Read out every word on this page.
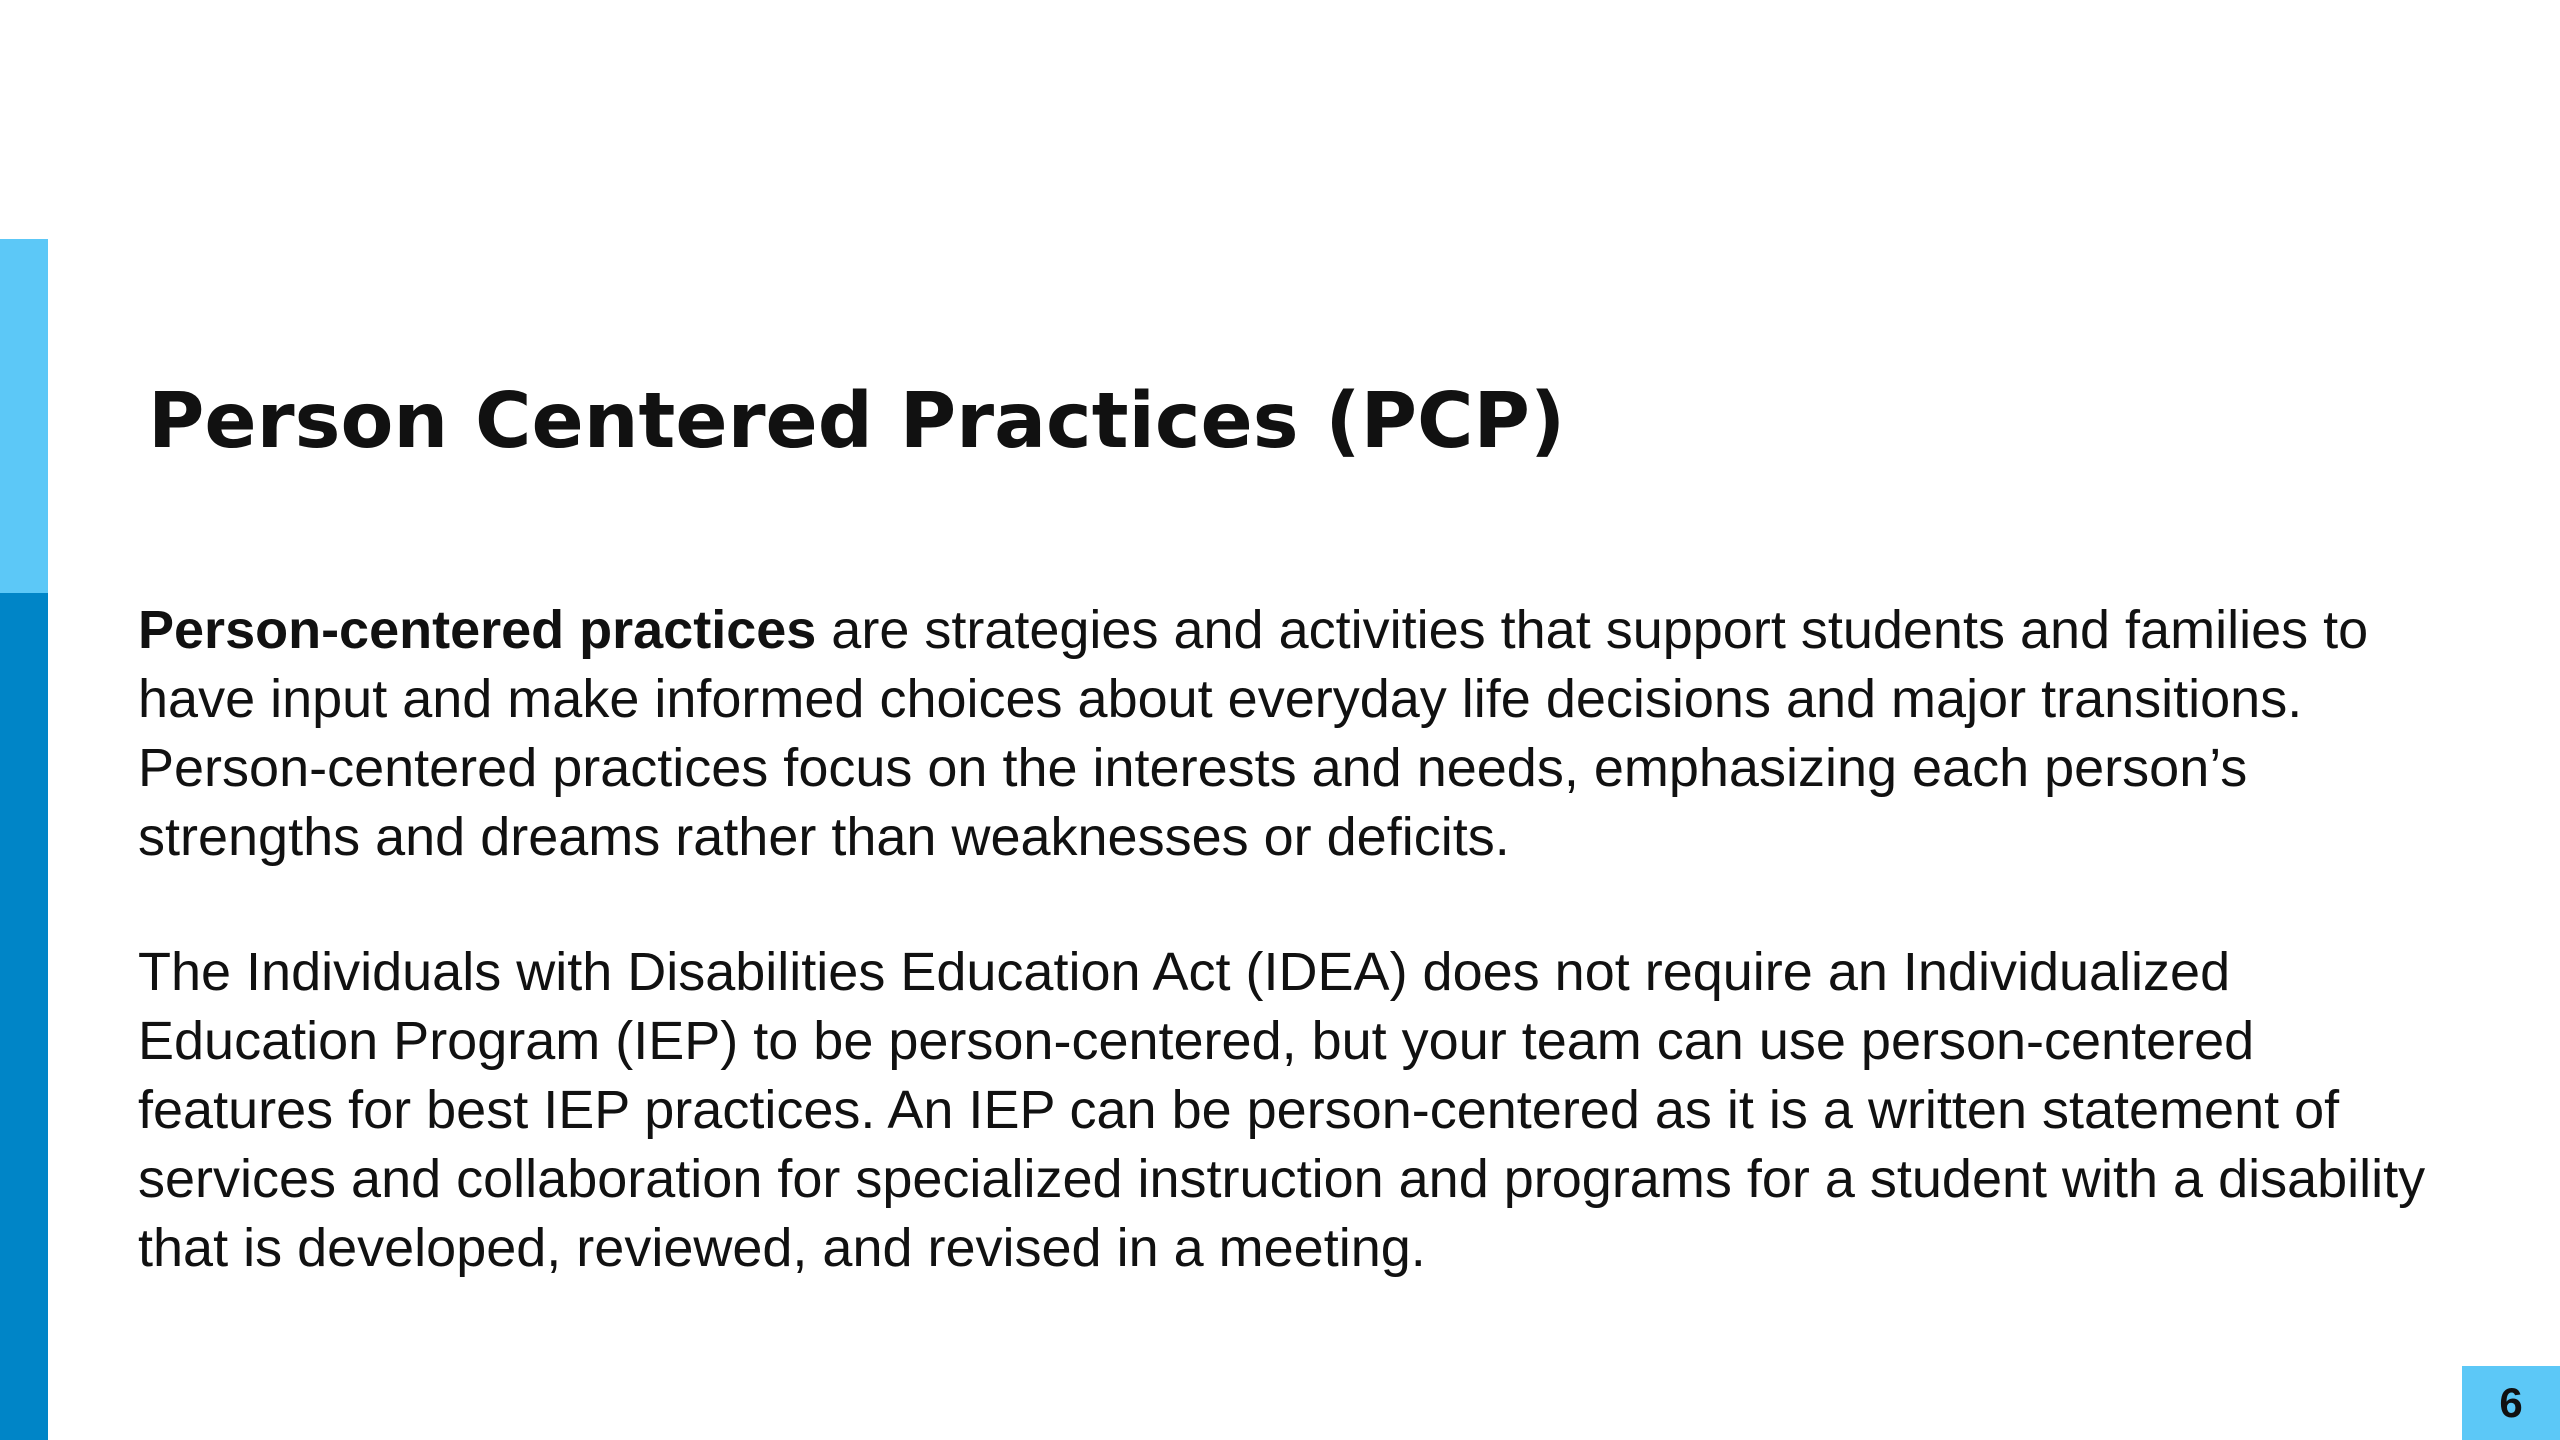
Person Centered Practices (PCP)

Person-centered practices are strategies and activities that support students and families to have input and make informed choices about everyday life decisions and major transitions. Person-centered practices focus on the interests and needs, emphasizing each person’s strengths and dreams rather than weaknesses or deficits.

The Individuals with Disabilities Education Act (IDEA) does not require an Individualized Education Program (IEP) to be person-centered, but your team can use person-centered features for best IEP practices. An IEP can be person-centered as it is a written statement of services and collaboration for specialized instruction and programs for a student with a disability that is developed, reviewed, and revised in a meeting.

6
